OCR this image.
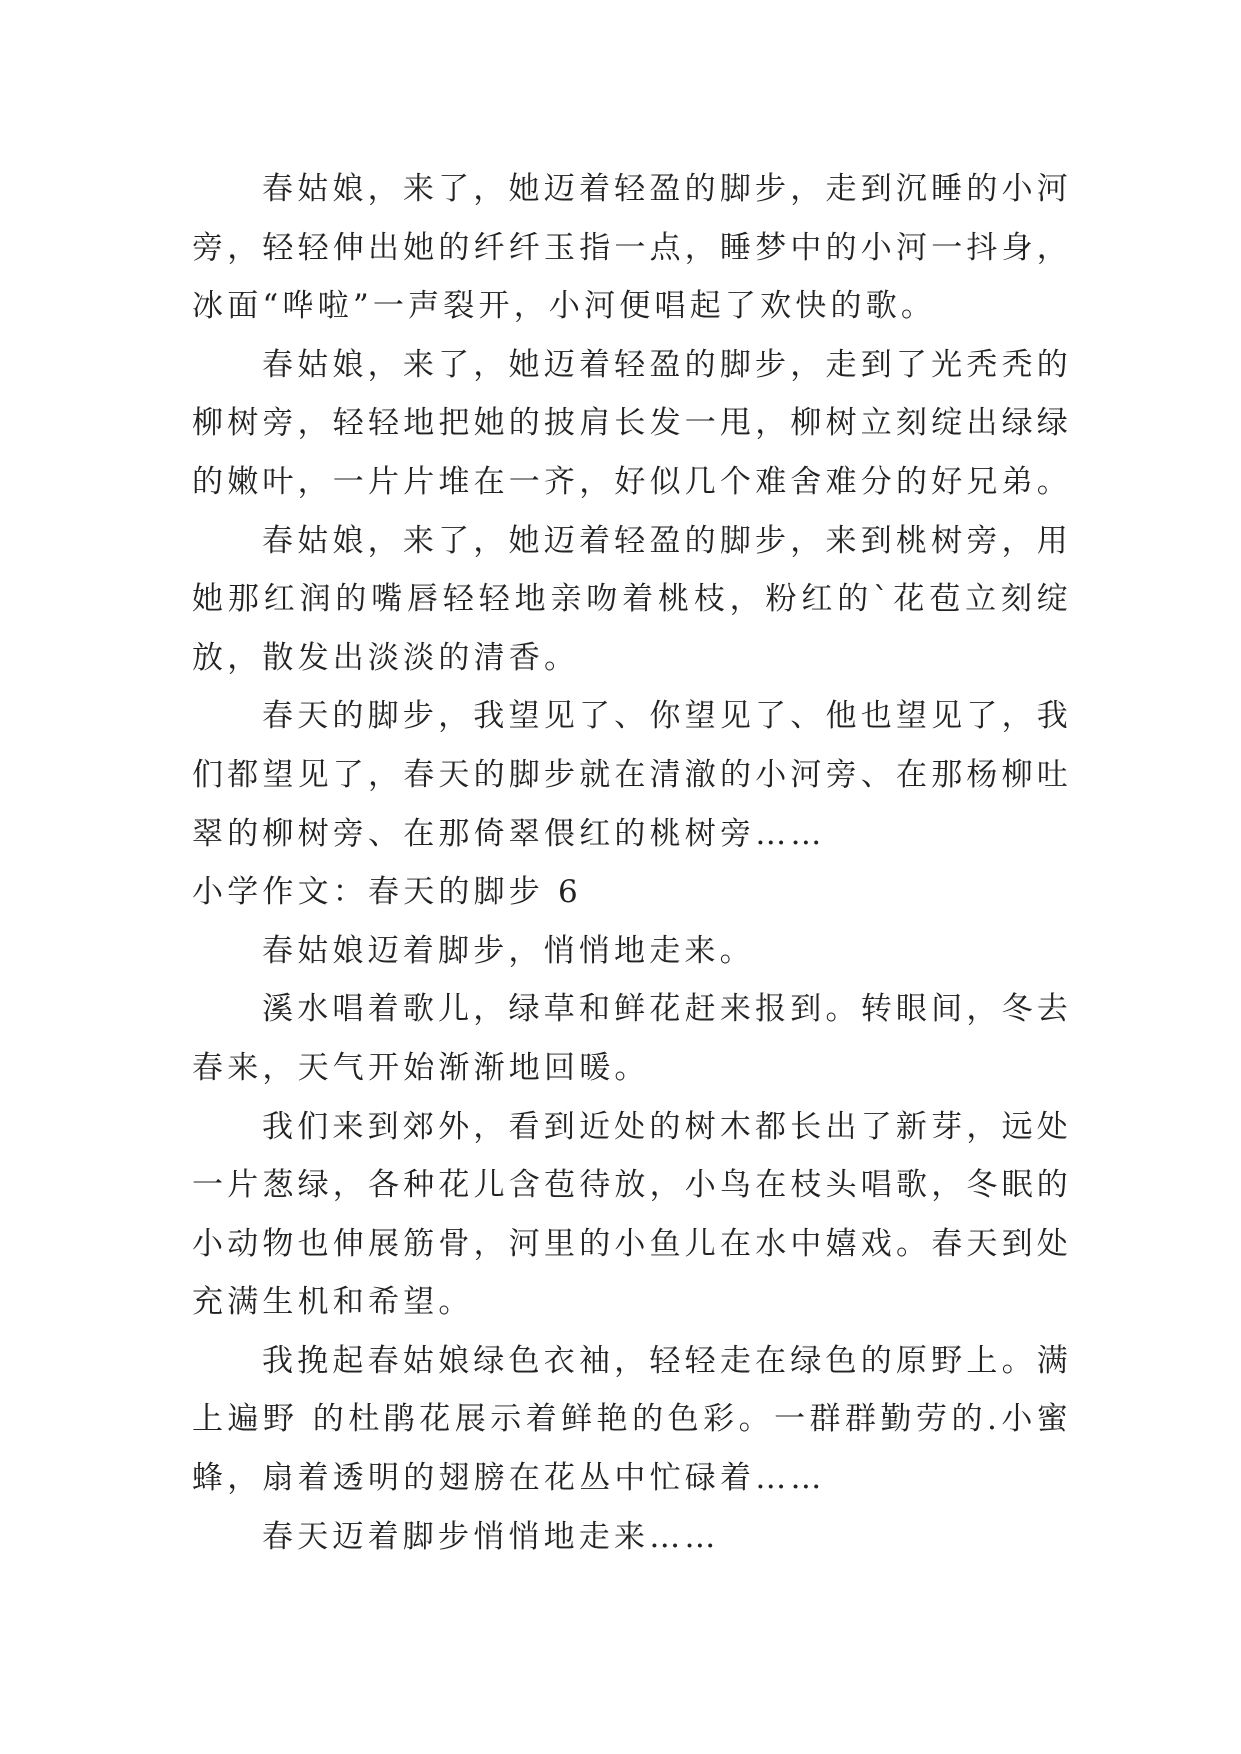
春姑娘，来了，她迈着轻盈的脚步，走到沉睡的小河旁，轻轻伸出她的纤纤玉指一点，睡梦中的小河一抖身，冰面“哗啦”一声裂开，小河便唱起了欢快的歌。

春姑娘，来了，她迈着轻盈的脚步，走到了光秃秃的柳树旁，轻轻地把她的披肩长发一甩，柳树立刻绽出绿绿的嫩叶，一片片堆在一齐，好似几个难舍难分的好兄弟。

春姑娘，来了，她迈着轻盈的脚步，来到桃树旁，用她那红润的嘴唇轻轻地亲吻着桃枝，粉红的`花苞立刻绽放，散发出淡淡的清香。

春天的脚步，我望见了、你望见了、他也望见了，我们都望见了，春天的脚步就在清澈的小河旁、在那杨柳吐翠的柳树旁、在那倚翠偎红的桃树旁……

小学作文：春天的脚步 6

春姑娘迈着脚步，悄悄地走来。

溪水唱着歌儿，绿草和鲜花赶来报到。转眼间，冬去春来，天气开始渐渐地回暖。

我们来到郊外，看到近处的树木都长出了新芽，远处一片葱绿，各种花儿含苞待放，小鸟在枝头唱歌，冬眠的小动物也伸展筋骨，河里的小鱼儿在水中嬉戏。春天到处充满生机和希望。

我挽起春姑娘绿色衣袖，轻轻走在绿色的原野上。满上遍野 的杜鹃花展示着鲜艳的色彩。一群群勤劳的.小蜜蜂，扇着透明的翅膀在花丛中忙碌着……

春天迈着脚步悄悄地走来……
